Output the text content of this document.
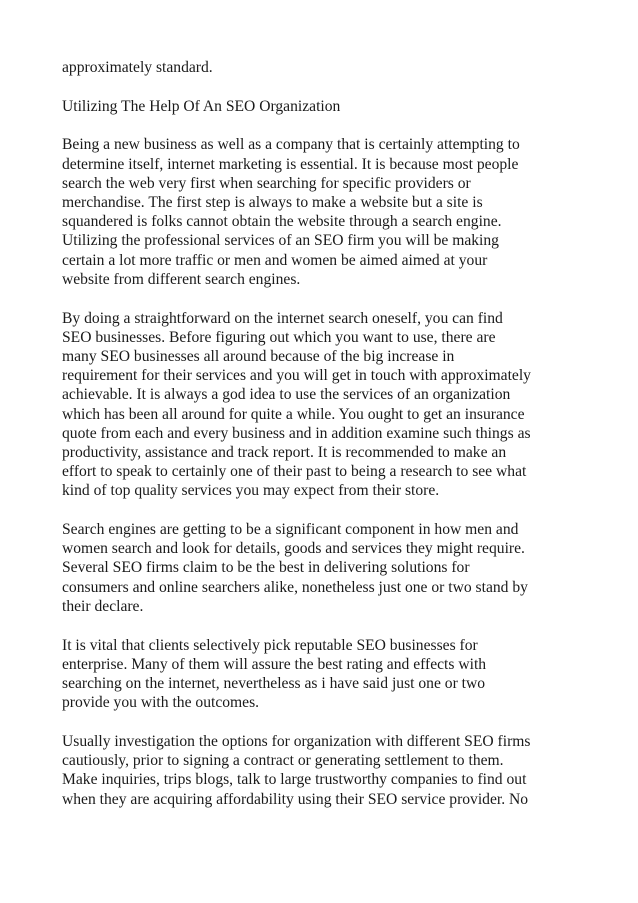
approximately standard.

Utilizing The Help Of An SEO Organization

Being a new business as well as a company that is certainly attempting to
determine itself, internet marketing is essential. It is because most people
search the web very first when searching for specific providers or
merchandise. The first step is always to make a website but a site is
squandered is folks cannot obtain the website through a search engine.
Utilizing the professional services of an SEO firm you will be making
certain a lot more traffic or men and women be aimed aimed at your
website from different search engines.

By doing a straightforward on the internet search oneself, you can find
SEO businesses. Before figuring out which you want to use, there are
many SEO businesses all around because of the big increase in
requirement for their services and you will get in touch with approximately
achievable. It is always a god idea to use the services of an organization
which has been all around for quite a while. You ought to get an insurance
quote from each and every business and in addition examine such things as
productivity, assistance and track report. It is recommended to make an
effort to speak to certainly one of their past to being a research to see what
kind of top quality services you may expect from their store.

Search engines are getting to be a significant component in how men and
women search and look for details, goods and services they might require.
Several SEO firms claim to be the best in delivering solutions for
consumers and online searchers alike, nonetheless just one or two stand by
their declare.

It is vital that clients selectively pick reputable SEO businesses for
enterprise. Many of them will assure the best rating and effects with
searching on the internet, nevertheless as i have said just one or two
provide you with the outcomes.

Usually investigation the options for organization with different SEO firms
cautiously, prior to signing a contract or generating settlement to them.
Make inquiries, trips blogs, talk to large trustworthy companies to find out
when they are acquiring affordability using their SEO service provider. No
